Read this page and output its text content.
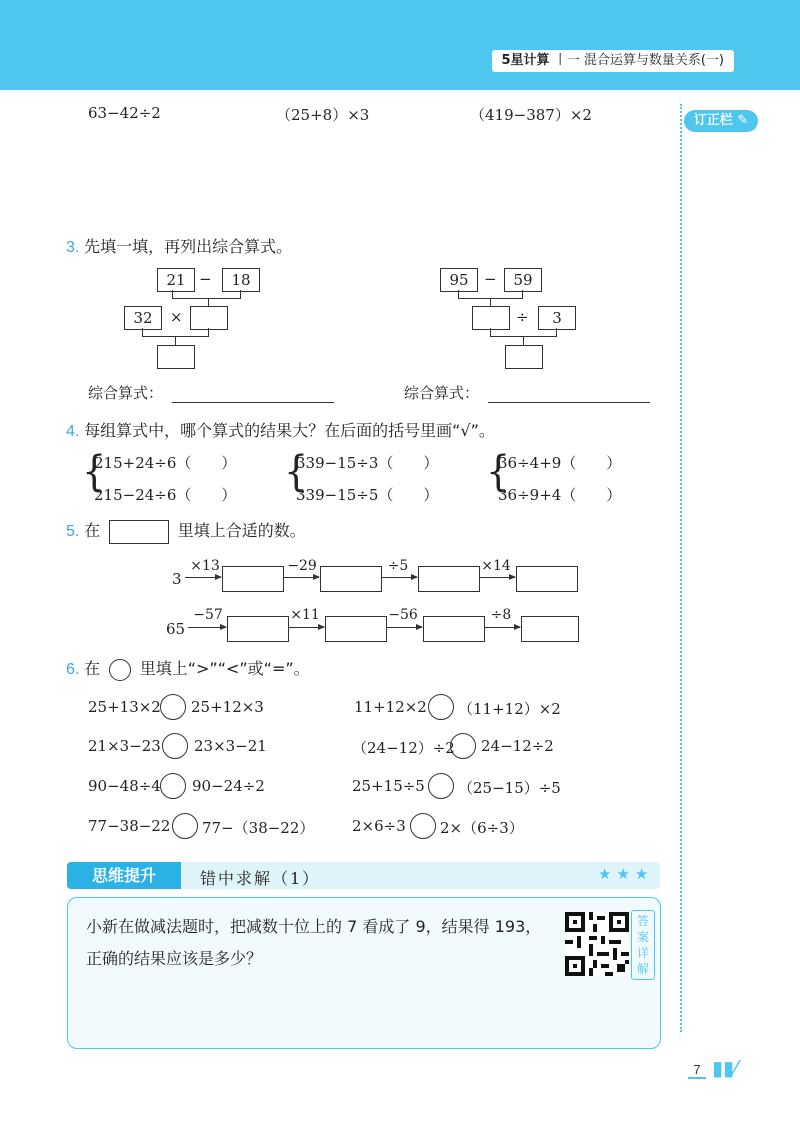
5星计算 丨一 混合运算与数量关系(一)
订正栏 ✎
63−42÷2	（25+8）×3	（419−387）×2
3. 先填一填，再列出综合算式。
21 −	18
32	×
95	−	59
÷	3
综合算式：	综合算式：
4. 每组算式中，哪个算式的结果大？在后面的括号里画“√”。
{
215+24÷6（　　）
215−24÷6（　　） {
339−15÷3（　　）
339−15÷5（　　） {
36÷4+9（　　）
36÷9+4（　　）
5. 在	里填上合适的数。
3
×13	−29	÷5	×14
65
−57	×11	−56	÷8
6. 在 里填上“>”“<”或“=”。
25+13×2 25+12×3	11+12×2 （11+12）×2
21×3−23 23×3−21	（24−12）÷2 24−12÷2
90−48÷4 90−24÷2	25+15÷5 （25−15）÷5
77−38−22 77−（38−22）	2×6÷3 2×（6÷3）
思维提升	错中求解（1）	★★★
小新在做减法题时，把减数十位上的 7 看成了 9，结果得 193，
正确的结果应该是多少？
答案详解
7 ▮▮⁄
